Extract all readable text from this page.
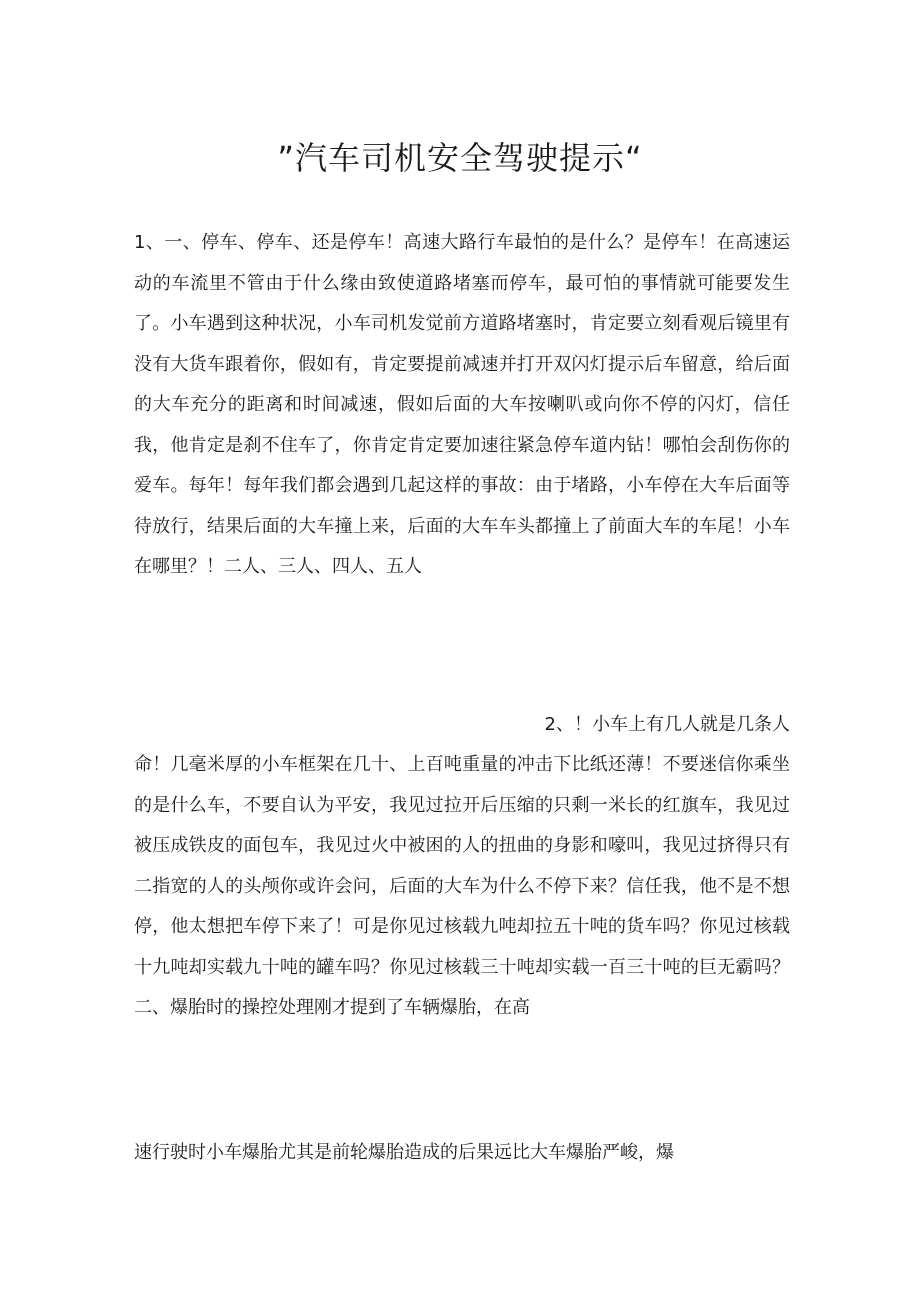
”汽车司机安全驾驶提示“

1、一、停车、停车、还是停车！高速大路行车最怕的是什么？是停车！在高速运动的车流里不管由于什么缘由致使道路堵塞而停车，最可怕的事情就可能要发生了。小车遇到这种状况，小车司机发觉前方道路堵塞时，肯定要立刻看观后镜里有没有大货车跟着你，假如有，肯定要提前减速并打开双闪灯提示后车留意，给后面的大车充分的距离和时间减速，假如后面的大车按喇叭或向你不停的闪灯，信任我，他肯定是刹不住车了，你肯定肯定要加速往紧急停车道内钻！哪怕会刮伤你的爱车。每年！每年我们都会遇到几起这样的事故：由于堵路，小车停在大车后面等待放行，结果后面的大车撞上来，后面的大车车头都撞上了前面大车的车尾！小车在哪里？！二人、三人、四人、五人

2、！小车上有几人就是几条人

命！几毫米厚的小车框架在几十、上百吨重量的冲击下比纸还薄！不要迷信你乘坐的是什么车，不要自认为平安，我见过拉开后压缩的只剩一米长的红旗车，我见过被压成铁皮的面包车，我见过火中被困的人的扭曲的身影和嚎叫，我见过挤得只有二指宽的人的头颅你或许会问，后面的大车为什么不停下来？信任我，他不是不想停，他太想把车停下来了！可是你见过核载九吨却拉五十吨的货车吗？你见过核载十九吨却实载九十吨的罐车吗？你见过核载三十吨却实载一百三十吨的巨无霸吗？二、爆胎时的操控处理刚才提到了车辆爆胎，在高

速行驶时小车爆胎尤其是前轮爆胎造成的后果远比大车爆胎严峻，爆
